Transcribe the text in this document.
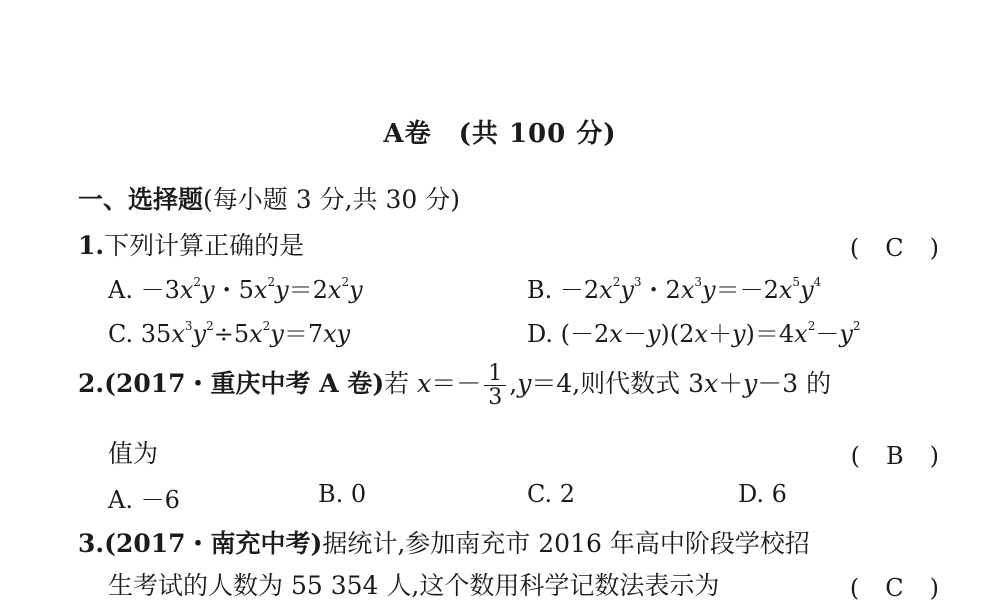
A卷　(共 100 分)
一、选择题(每小题 3 分,共 30 分)
1.下列计算正确的是	(　C　)
A. $-3x^2y$・$5x^2y=2x^2y$	B. $-2x^2y^3$・$2x^3y=-2x^5y^4$
C. $35x^3y^2\div 5x^2y=7xy$	D. $(-2x-y)(2x+y)=4x^2-y^2$
2.(2017・重庆中考 A 卷)若 $x=- \frac{1}{3} ,y=4$,则代数式 3x＋y－3 的
值为	(　B　)
A. －6	B. 0	C. 2	D. 6
3.(2017・南充中考)据统计,参加南充市 2016 年高中阶段学校招
生考试的人数为 55 354 人,这个数用科学记数法表示为	(　C　)
